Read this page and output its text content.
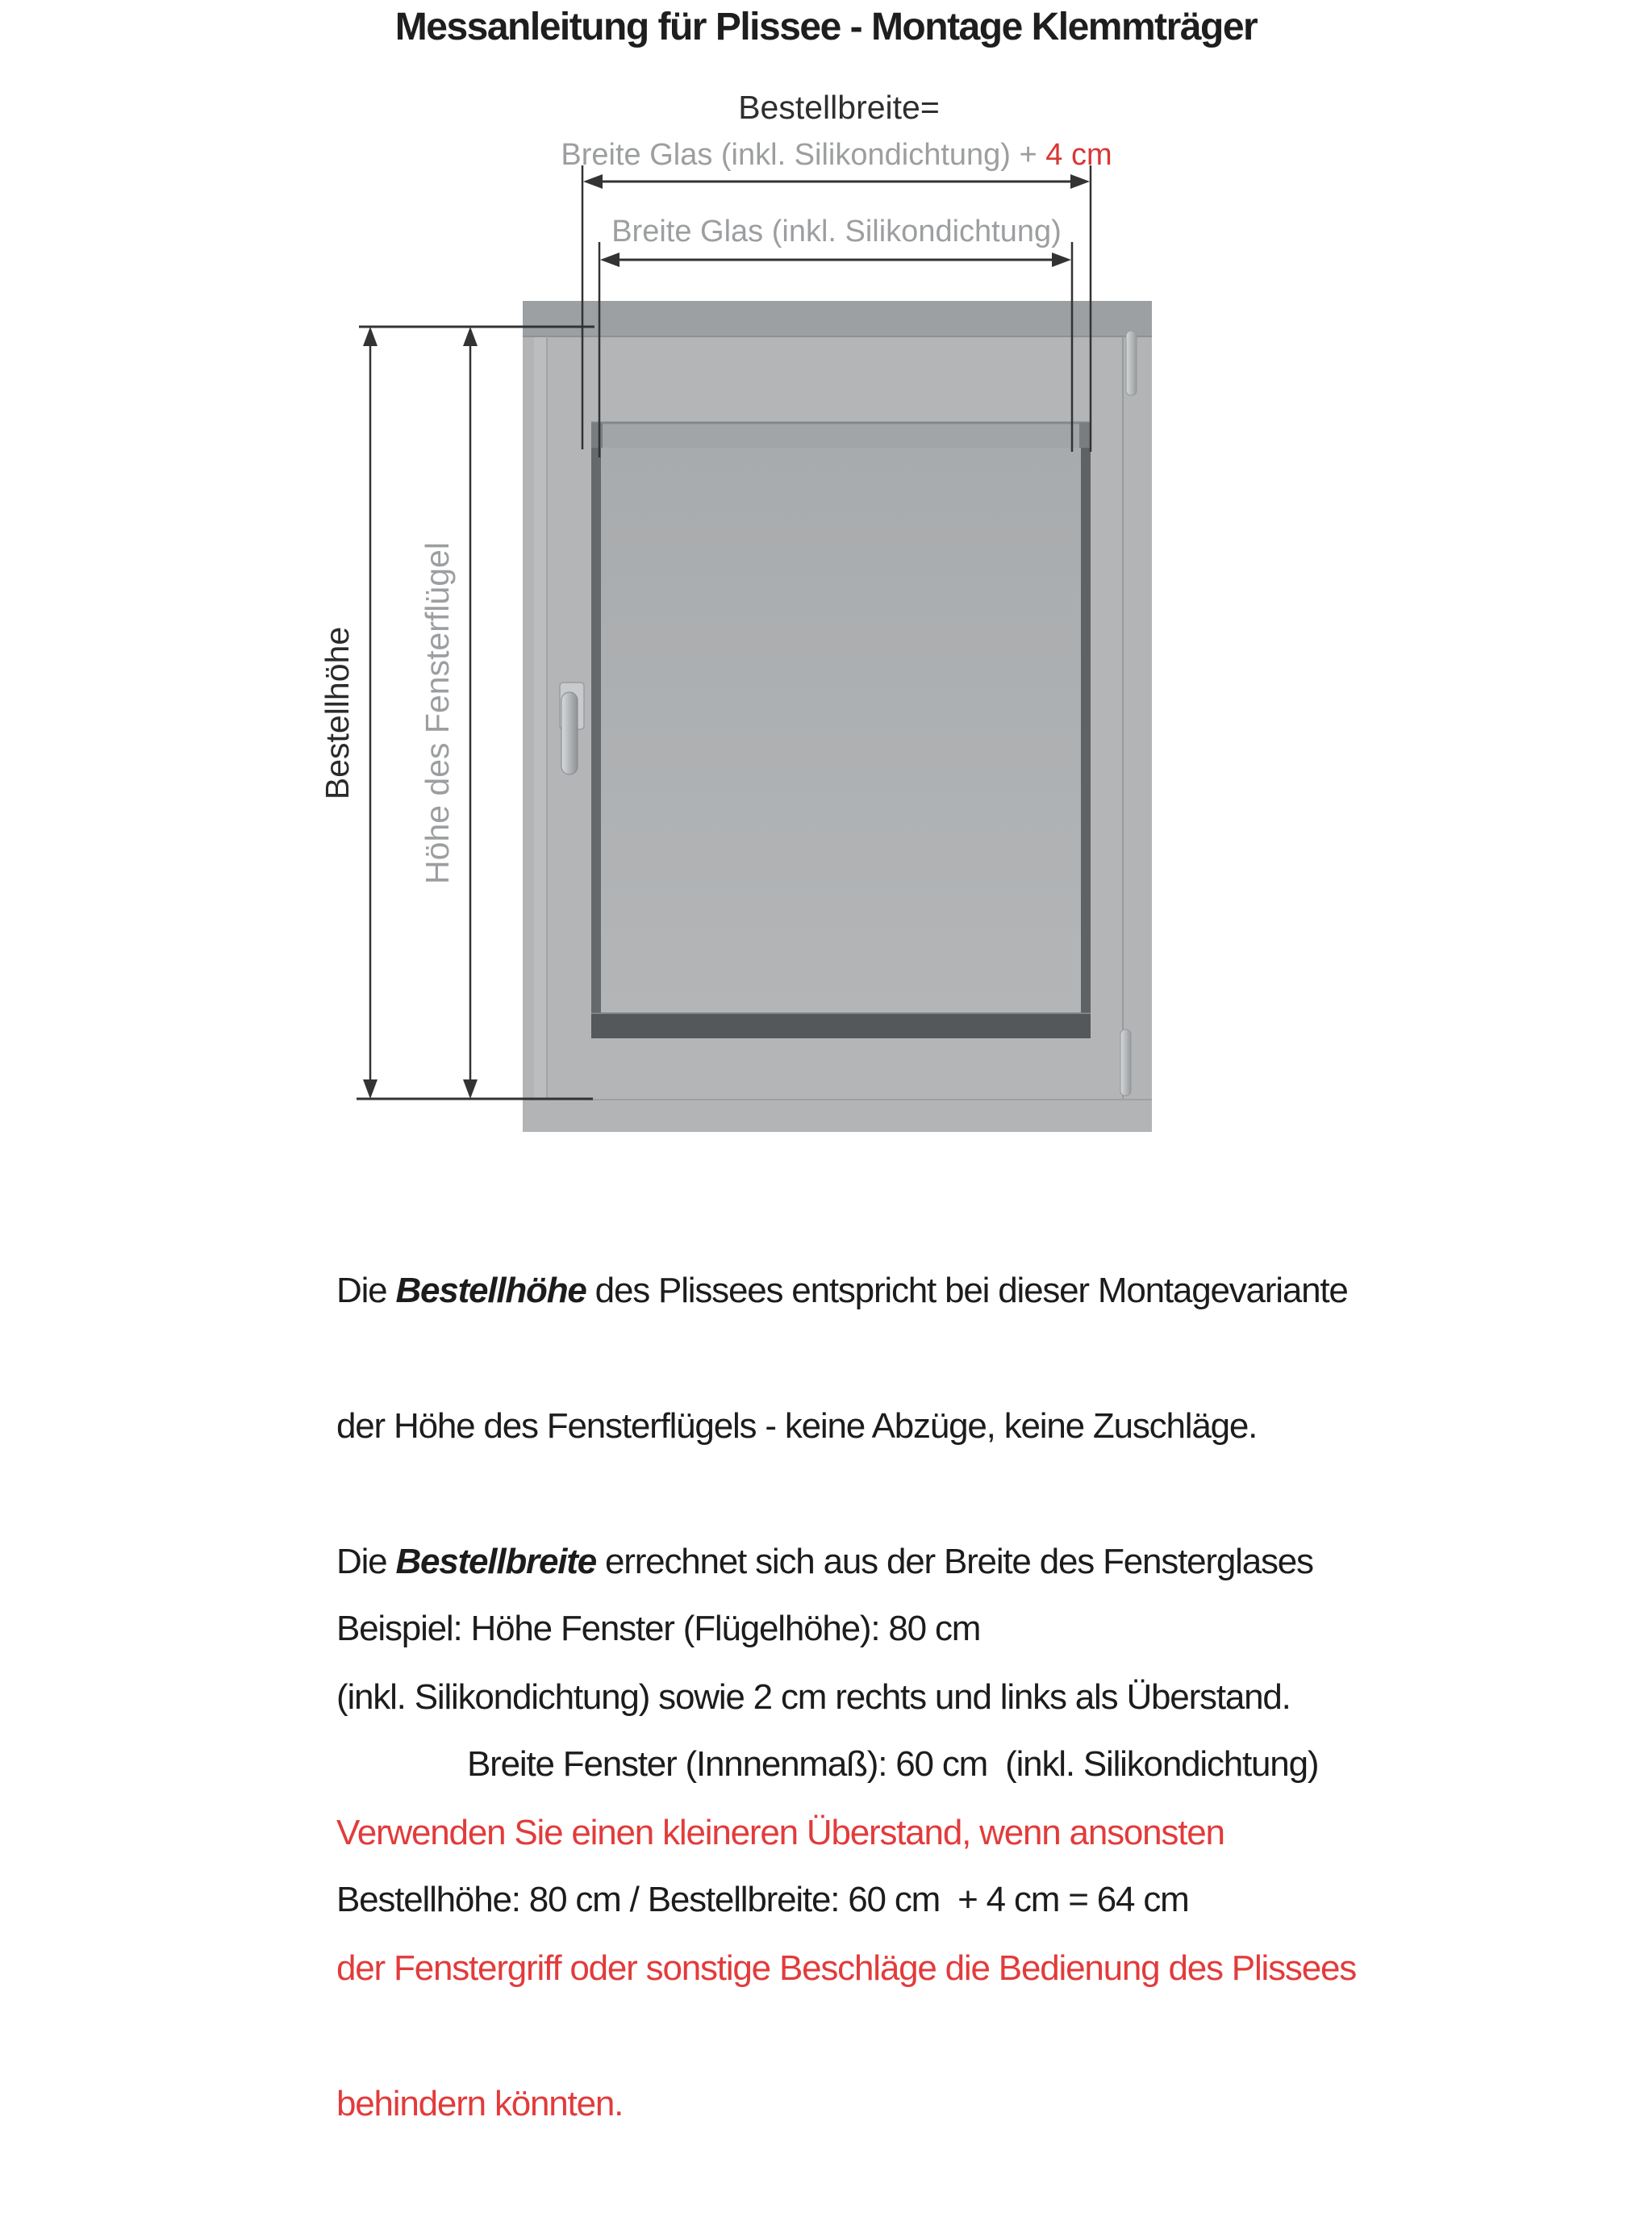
Messanleitung für Plissee - Montage Klemmträger
Bestellbreite=
Breite Glas (inkl. Silikondichtung) + 4 cm
Breite Glas (inkl. Silikondichtung)
Bestellhöhe Höhe des Fensterflügel

Die Bestellhöhe des Plissees entspricht bei dieser Montagevariante

der Höhe des Fensterflügels - keine Abzüge, keine Zuschläge.

Die Bestellbreite errechnet sich aus der Breite des Fensterglases

(inkl. Silikondichtung) sowie 2 cm rechts und links als Überstand.

Verwenden Sie einen kleineren Überstand, wenn ansonsten

der Fenstergriff oder sonstige Beschläge die Bedienung des Plissees

behindern könnten.

Beispiel: Höhe Fenster (Flügelhöhe): 80 cm

Breite Fenster (Innnenmaß): 60 cm  (inkl. Silikondichtung)

Bestellhöhe: 80 cm / Bestellbreite: 60 cm  + 4 cm = 64 cm
